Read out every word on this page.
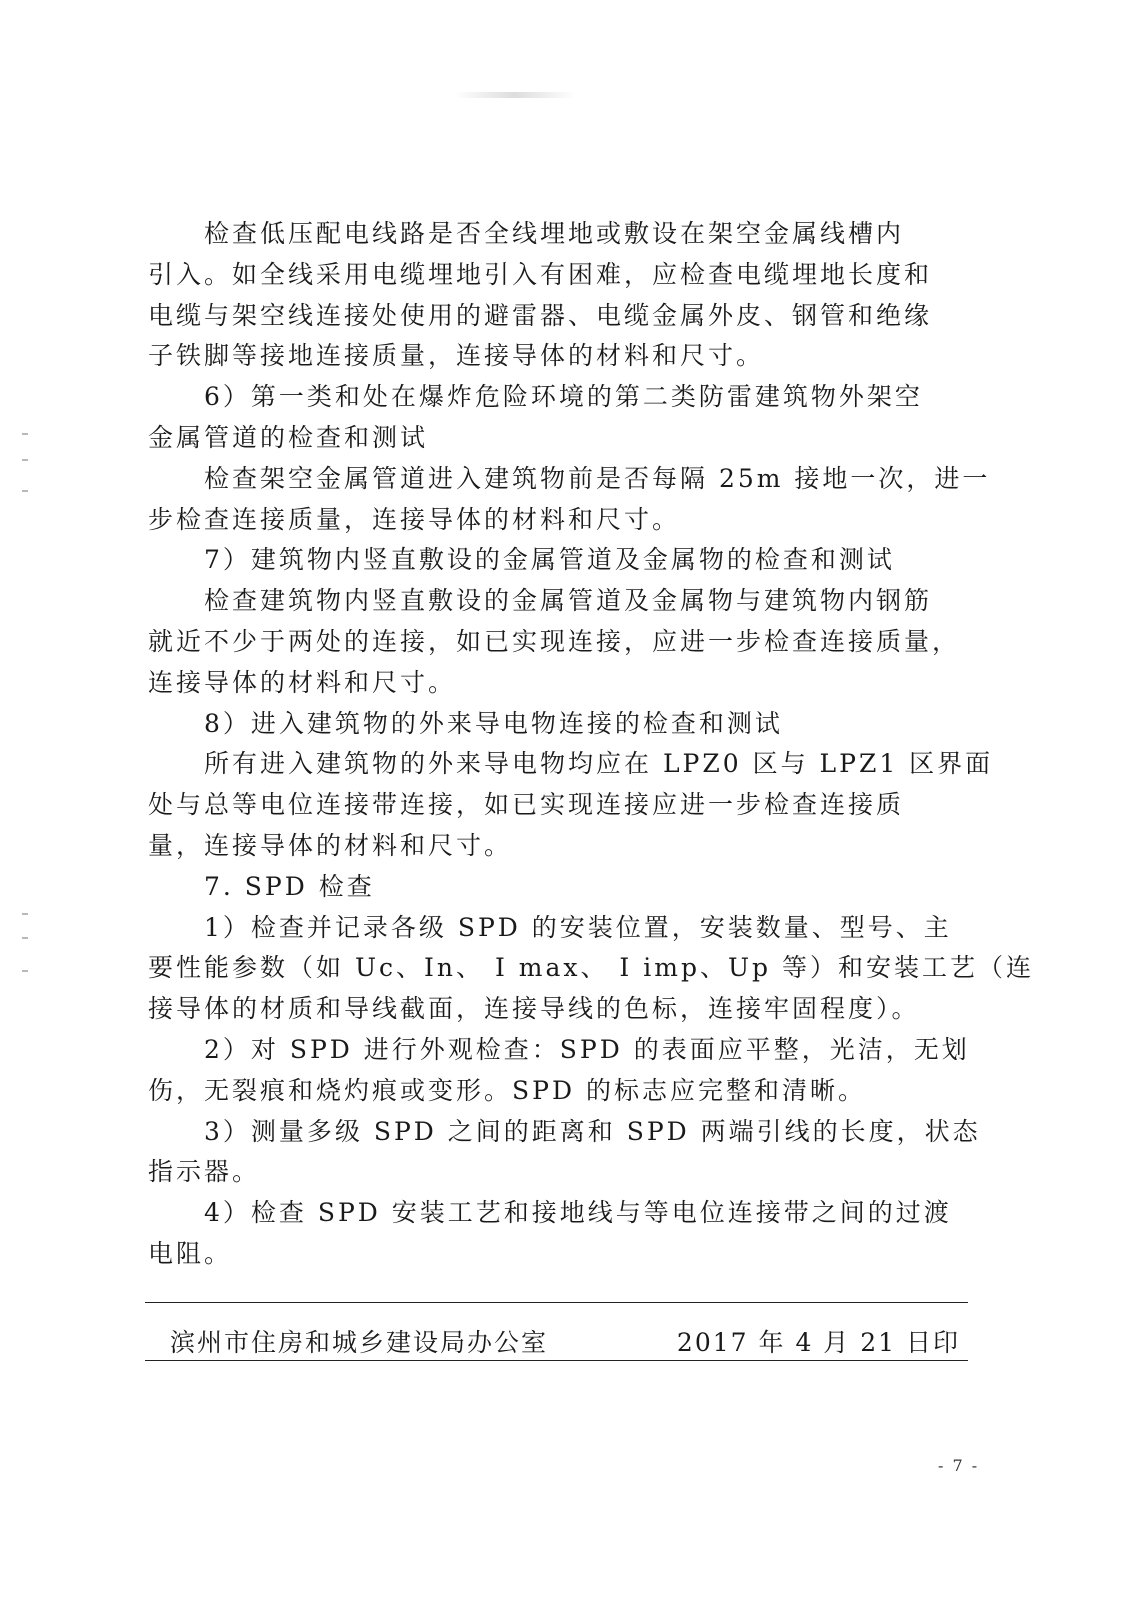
检查低压配电线路是否全线埋地或敷设在架空金属线槽内
引入。如全线采用电缆埋地引入有困难，应检查电缆埋地长度和
电缆与架空线连接处使用的避雷器、电缆金属外皮、钢管和绝缘
子铁脚等接地连接质量，连接导体的材料和尺寸。
6）第一类和处在爆炸危险环境的第二类防雷建筑物外架空
金属管道的检查和测试
检查架空金属管道进入建筑物前是否每隔 25m 接地一次，进一
步检查连接质量，连接导体的材料和尺寸。
7）建筑物内竖直敷设的金属管道及金属物的检查和测试
检查建筑物内竖直敷设的金属管道及金属物与建筑物内钢筋
就近不少于两处的连接，如已实现连接，应进一步检查连接质量，
连接导体的材料和尺寸。
8）进入建筑物的外来导电物连接的检查和测试
所有进入建筑物的外来导电物均应在 LPZ0 区与 LPZ1 区界面
处与总等电位连接带连接，如已实现连接应进一步检查连接质
量，连接导体的材料和尺寸。
7. SPD 检查
1）检查并记录各级 SPD 的安装位置，安装数量、型号、主
要性能参数（如 Uc、In、 I max、 I imp、Up 等）和安装工艺（连
接导体的材质和导线截面，连接导线的色标，连接牢固程度）。
2）对 SPD 进行外观检查：SPD 的表面应平整，光洁，无划
伤，无裂痕和烧灼痕或变形。SPD 的标志应完整和清晰。
3）测量多级 SPD 之间的距离和 SPD 两端引线的长度，状态
指示器。
4）检查 SPD 安装工艺和接地线与等电位连接带之间的过渡
电阻。
滨州市住房和城乡建设局办公室	2017 年 4 月 21 日印
- 7 -
